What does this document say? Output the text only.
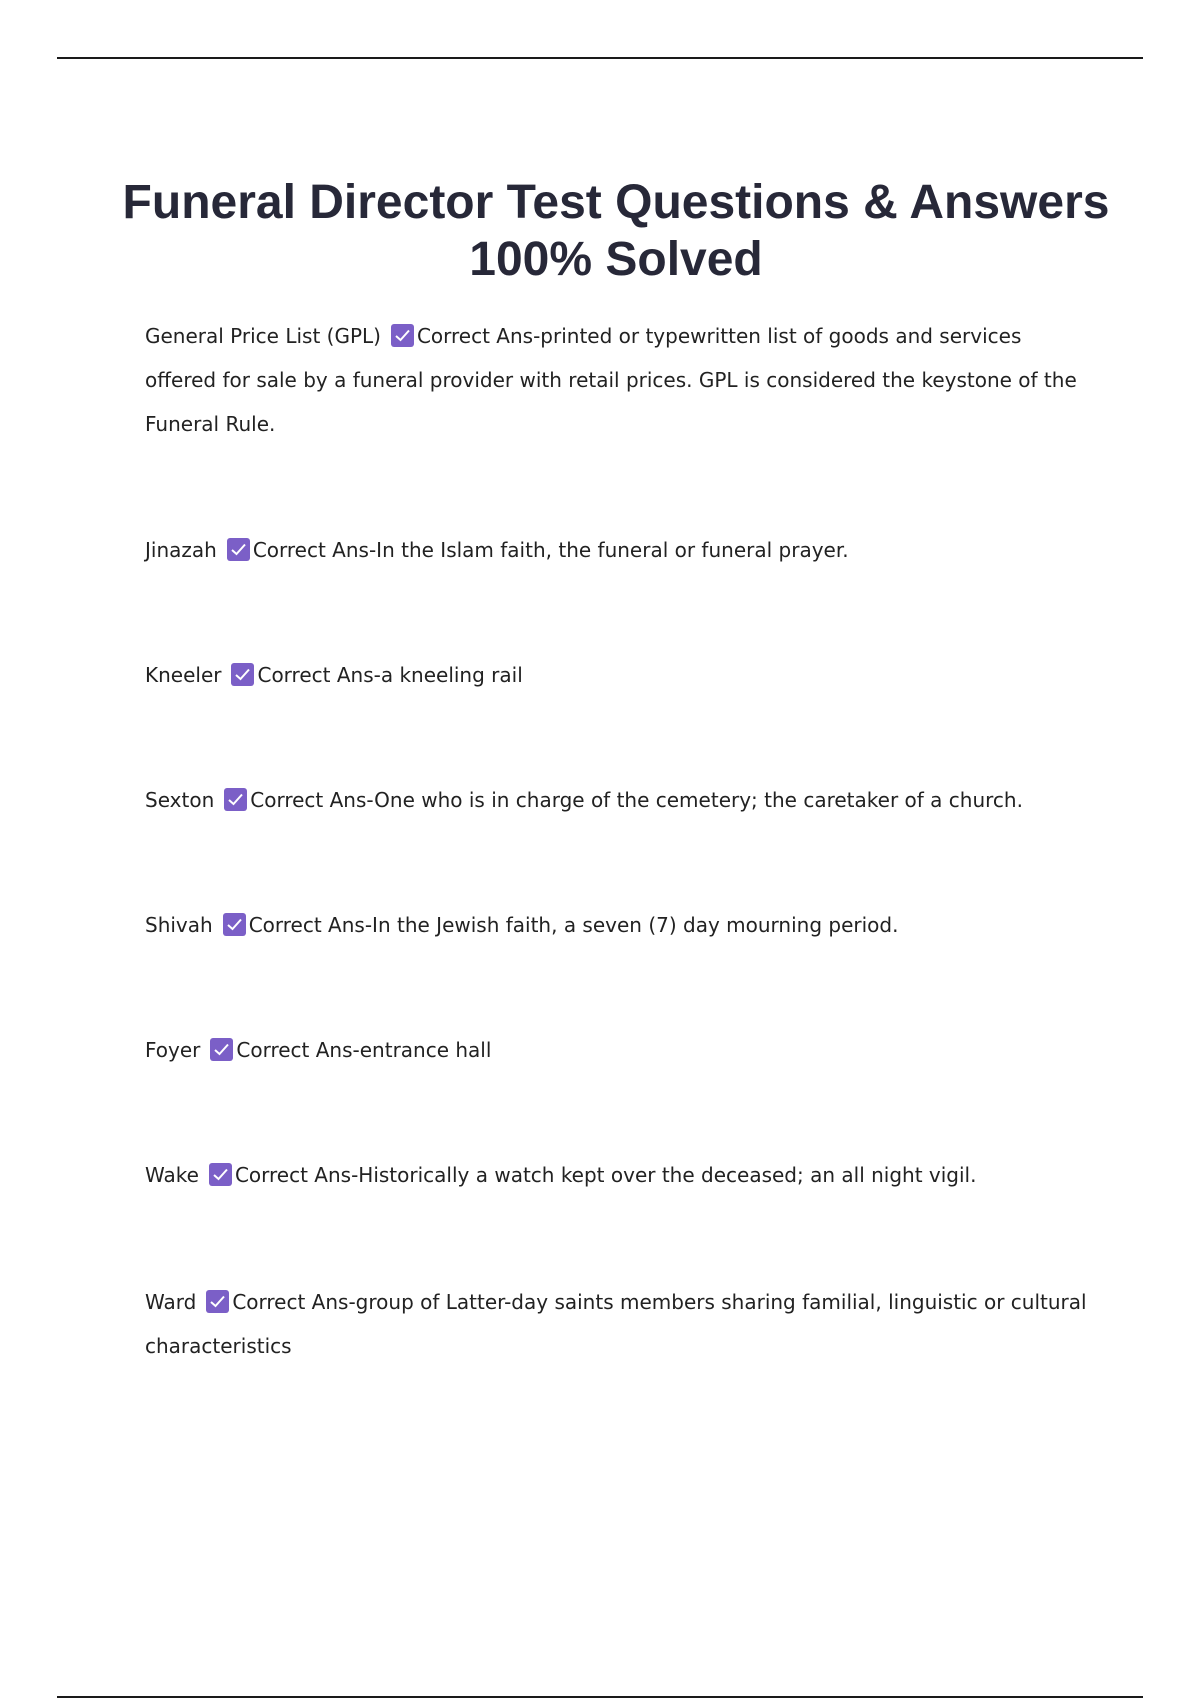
Funeral Director Test Questions & Answers 100% Solved
General Price List (GPL) Correct Ans-printed or typewritten list of goods and services offered for sale by a funeral provider with retail prices. GPL is considered the keystone of the Funeral Rule.
Jinazah Correct Ans-In the Islam faith, the funeral or funeral prayer.
Kneeler Correct Ans-a kneeling rail
Sexton Correct Ans-One who is in charge of the cemetery; the caretaker of a church.
Shivah Correct Ans-In the Jewish faith, a seven (7) day mourning period.
Foyer Correct Ans-entrance hall
Wake Correct Ans-Historically a watch kept over the deceased; an all night vigil.
Ward Correct Ans-group of Latter-day saints members sharing familial, linguistic or cultural characteristics
